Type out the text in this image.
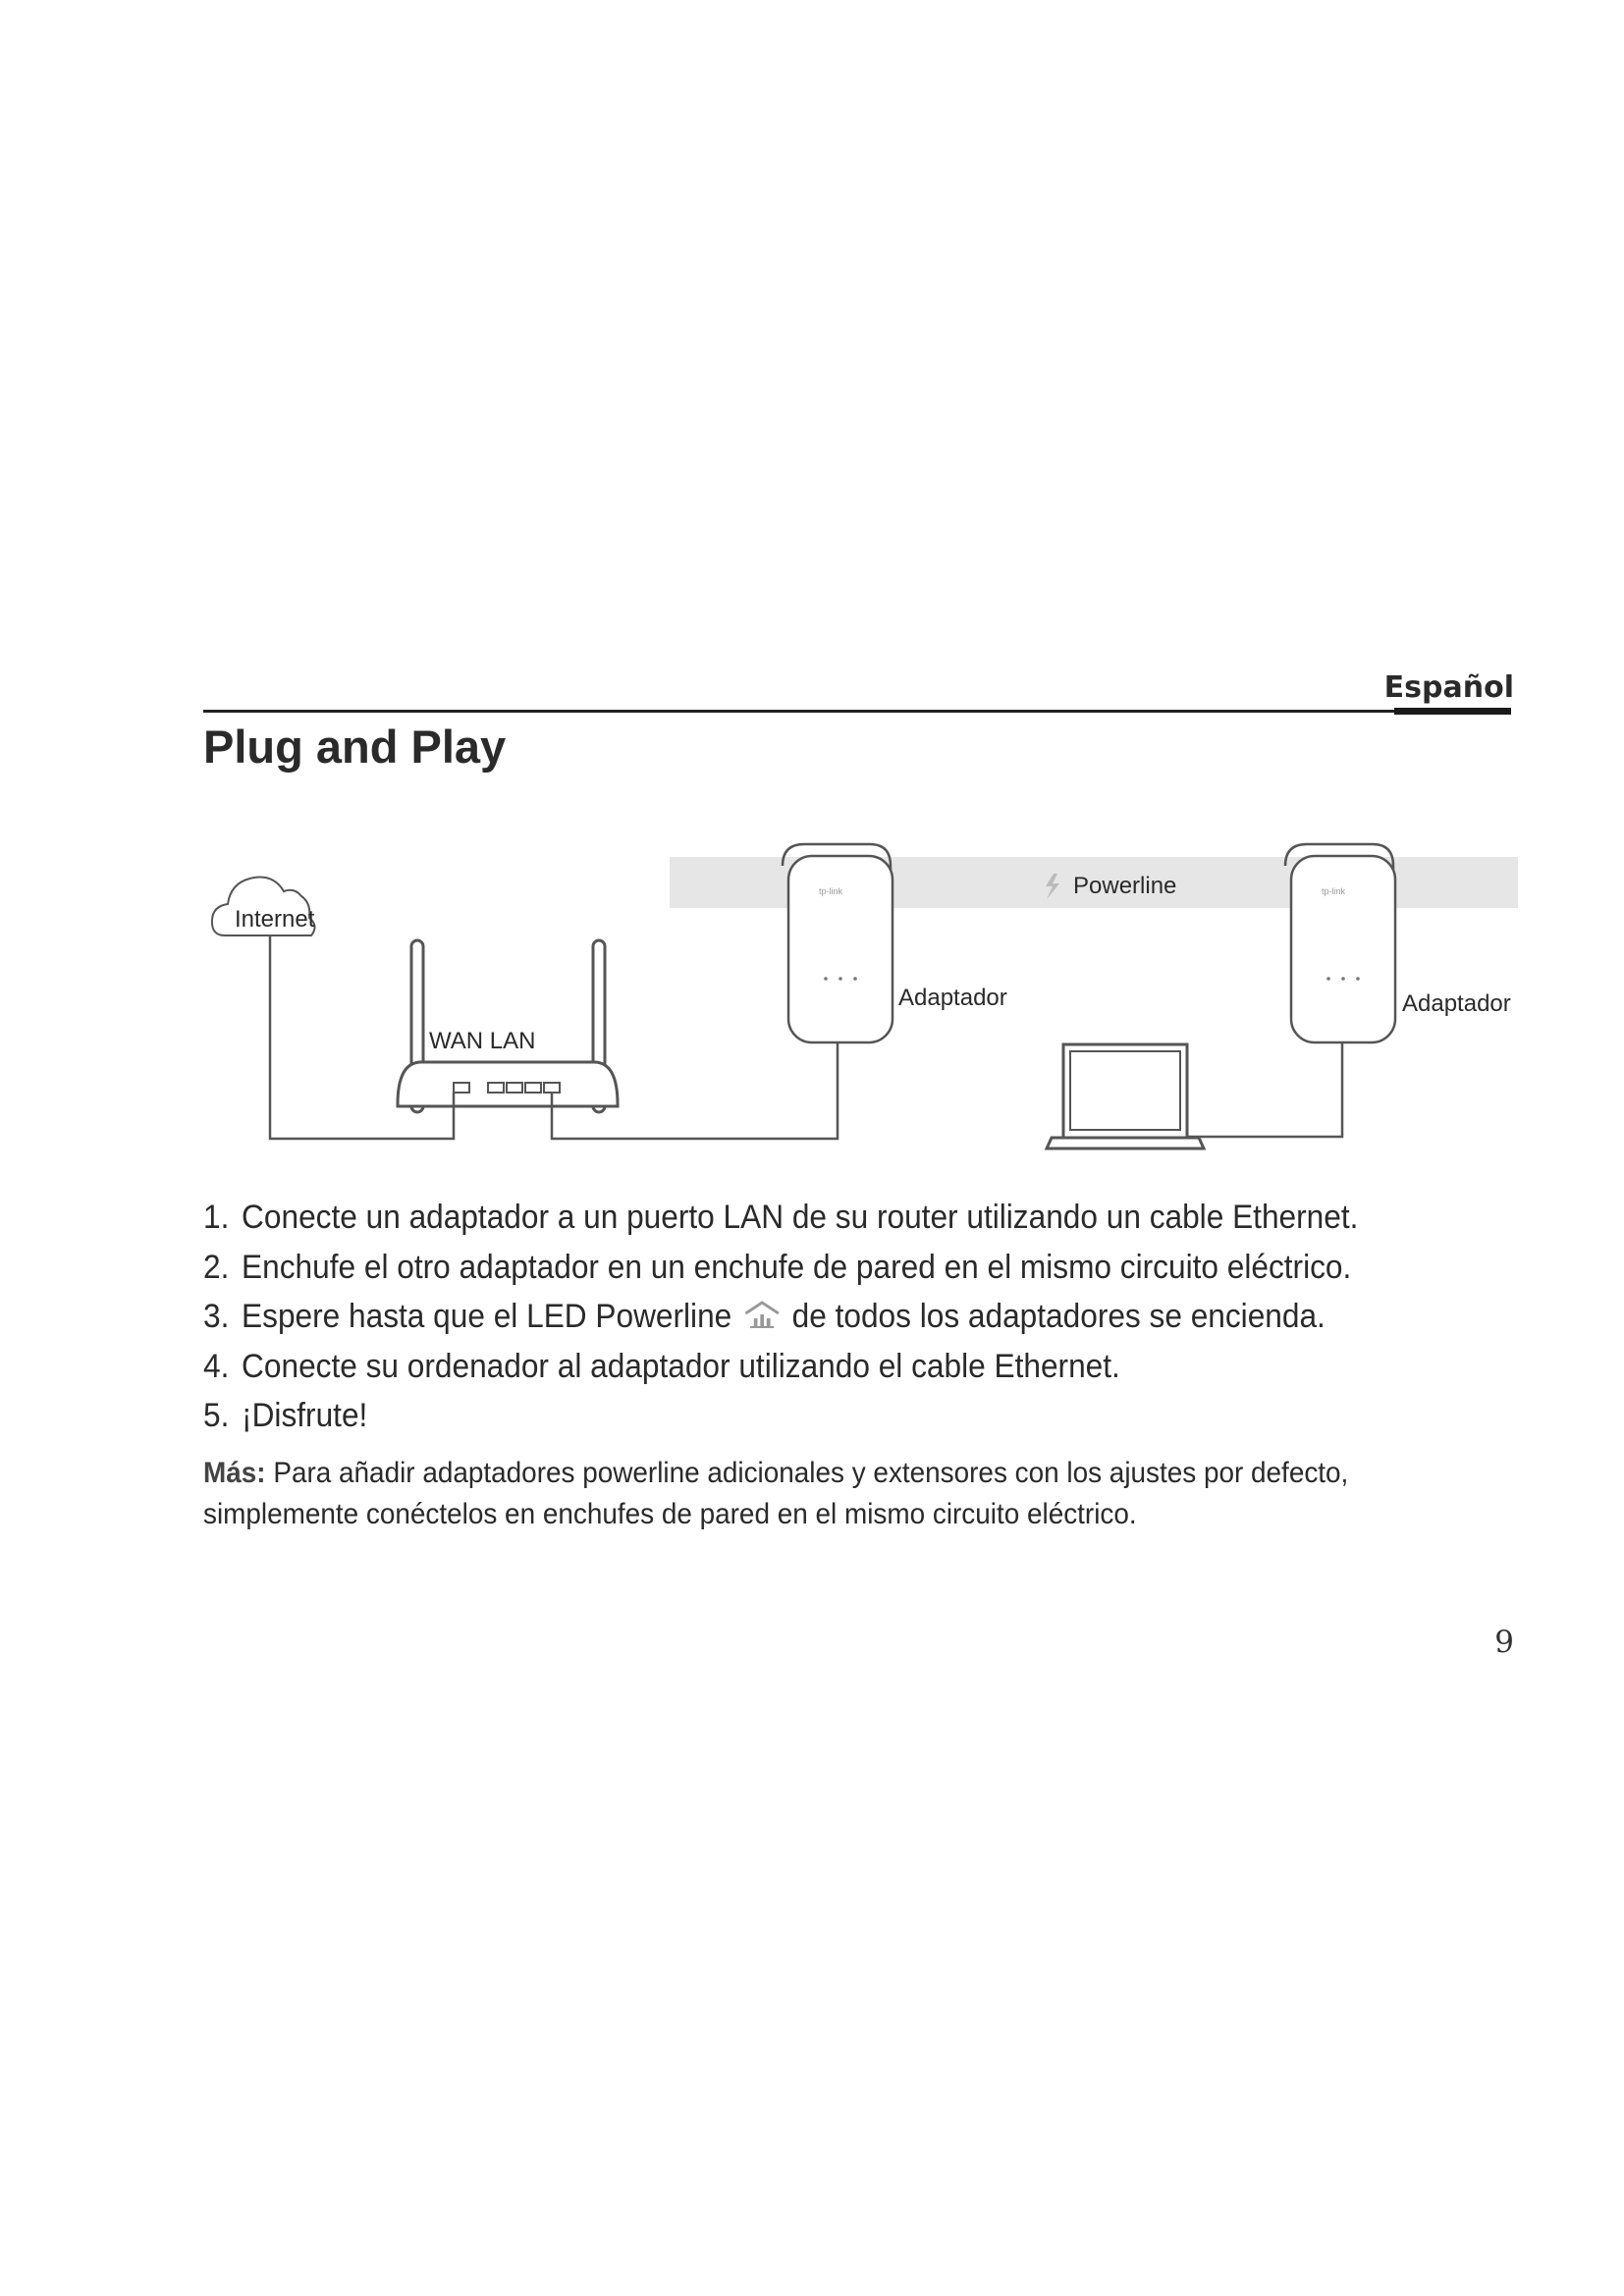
Español
Plug and Play
Powerline
Internet
WAN LAN
tp-link
Adaptador
tp-link
Adaptador
1. Conecte un adaptador a un puerto LAN de su router utilizando un cable Ethernet.
2. Enchufe el otro adaptador en un enchufe de pared en el mismo circuito eléctrico.
3. Espere hasta que el LED Powerline de todos los adaptadores se encienda.
4. Conecte su ordenador al adaptador utilizando el cable Ethernet.
5. ¡Disfrute!

Más: Para añadir adaptadores powerline adicionales y extensores con los ajustes por defecto, simplemente conéctelos en enchufes de pared en el mismo circuito eléctrico.

9
